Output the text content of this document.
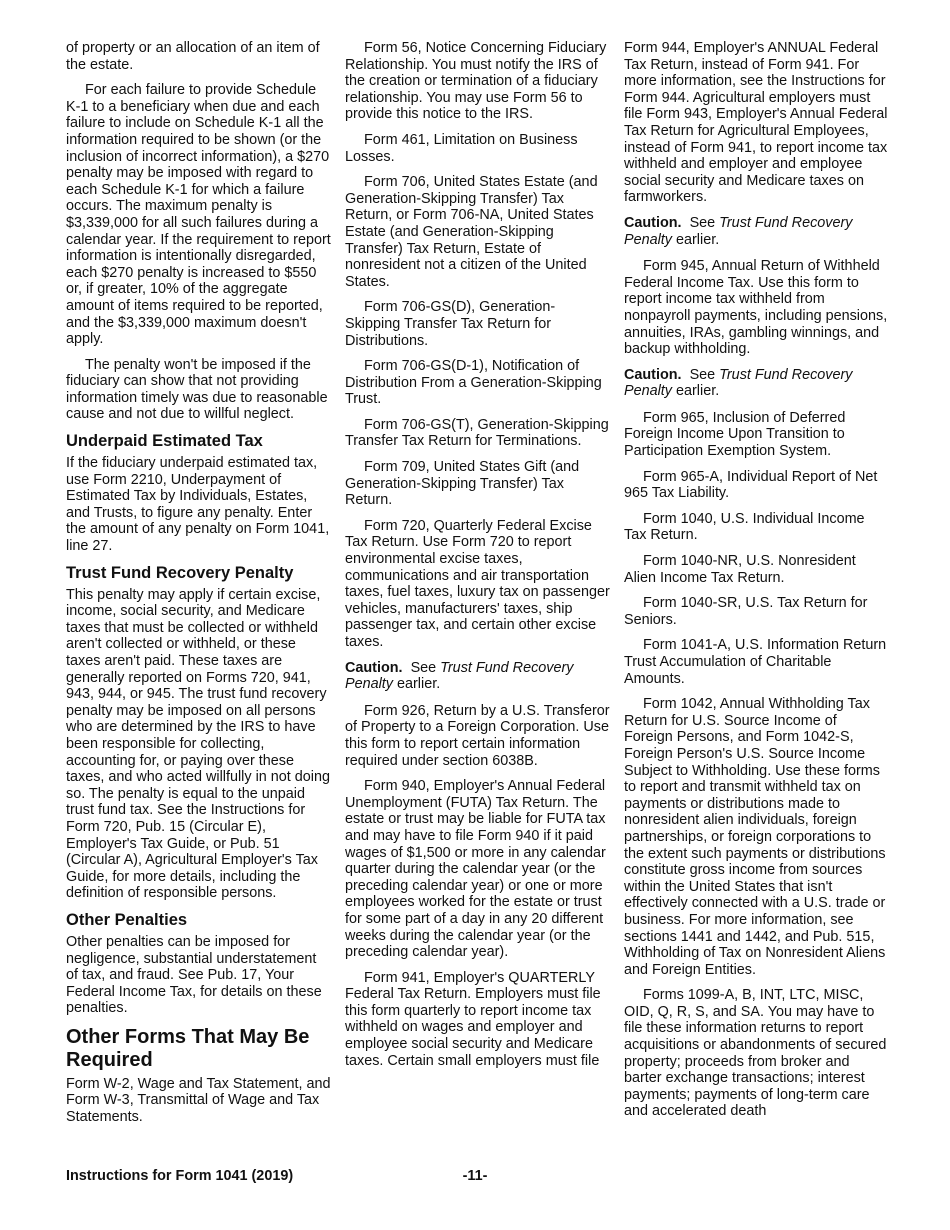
of property or an allocation of an item of the estate.

For each failure to provide Schedule K-1 to a beneficiary when due and each failure to include on Schedule K-1 all the information required to be shown (or the inclusion of incorrect information), a $270 penalty may be imposed with regard to each Schedule K-1 for which a failure occurs. The maximum penalty is $3,339,000 for all such failures during a calendar year. If the requirement to report information is intentionally disregarded, each $270 penalty is increased to $550 or, if greater, 10% of the aggregate amount of items required to be reported, and the $3,339,000 maximum doesn't apply.

The penalty won't be imposed if the fiduciary can show that not providing information timely was due to reasonable cause and not due to willful neglect.

Underpaid Estimated Tax

If the fiduciary underpaid estimated tax, use Form 2210, Underpayment of Estimated Tax by Individuals, Estates, and Trusts, to figure any penalty. Enter the amount of any penalty on Form 1041, line 27.

Trust Fund Recovery Penalty

This penalty may apply if certain excise, income, social security, and Medicare taxes that must be collected or withheld aren't collected or withheld, or these taxes aren't paid. These taxes are generally reported on Forms 720, 941, 943, 944, or 945. The trust fund recovery penalty may be imposed on all persons who are determined by the IRS to have been responsible for collecting, accounting for, or paying over these taxes, and who acted willfully in not doing so. The penalty is equal to the unpaid trust fund tax. See the Instructions for Form 720, Pub. 15 (Circular E), Employer's Tax Guide, or Pub. 51 (Circular A), Agricultural Employer's Tax Guide, for more details, including the definition of responsible persons.

Other Penalties

Other penalties can be imposed for negligence, substantial understatement of tax, and fraud. See Pub. 17, Your Federal Income Tax, for details on these penalties.

Other Forms That May Be Required

Form W-2, Wage and Tax Statement, and Form W-3, Transmittal of Wage and Tax Statements.

Form 56, Notice Concerning Fiduciary Relationship. You must notify the IRS of the creation or termination of a fiduciary relationship. You may use Form 56 to provide this notice to the IRS.

Form 461, Limitation on Business Losses.

Form 706, United States Estate (and Generation-Skipping Transfer) Tax Return, or Form 706-NA, United States Estate (and Generation-Skipping Transfer) Tax Return, Estate of nonresident not a citizen of the United States.

Form 706-GS(D), Generation-Skipping Transfer Tax Return for Distributions.

Form 706-GS(D-1), Notification of Distribution From a Generation-Skipping Trust.

Form 706-GS(T), Generation-Skipping Transfer Tax Return for Terminations.

Form 709, United States Gift (and Generation-Skipping Transfer) Tax Return.

Form 720, Quarterly Federal Excise Tax Return. Use Form 720 to report environmental excise taxes, communications and air transportation taxes, fuel taxes, luxury tax on passenger vehicles, manufacturers' taxes, ship passenger tax, and certain other excise taxes.

Caution. See Trust Fund Recovery Penalty earlier.

Form 926, Return by a U.S. Transferor of Property to a Foreign Corporation. Use this form to report certain information required under section 6038B.

Form 940, Employer's Annual Federal Unemployment (FUTA) Tax Return. The estate or trust may be liable for FUTA tax and may have to file Form 940 if it paid wages of $1,500 or more in any calendar quarter during the calendar year (or the preceding calendar year) or one or more employees worked for the estate or trust for some part of a day in any 20 different weeks during the calendar year (or the preceding calendar year).

Form 941, Employer's QUARTERLY Federal Tax Return. Employers must file this form quarterly to report income tax withheld on wages and employer and employee social security and Medicare taxes. Certain small employers must file

Form 944, Employer's ANNUAL Federal Tax Return, instead of Form 941. For more information, see the Instructions for Form 944. Agricultural employers must file Form 943, Employer's Annual Federal Tax Return for Agricultural Employees, instead of Form 941, to report income tax withheld and employer and employee social security and Medicare taxes on farmworkers.

Caution. See Trust Fund Recovery Penalty earlier.

Form 945, Annual Return of Withheld Federal Income Tax. Use this form to report income tax withheld from nonpayroll payments, including pensions, annuities, IRAs, gambling winnings, and backup withholding.

Caution. See Trust Fund Recovery Penalty earlier.

Form 965, Inclusion of Deferred Foreign Income Upon Transition to Participation Exemption System.

Form 965-A, Individual Report of Net 965 Tax Liability.

Form 1040, U.S. Individual Income Tax Return.

Form 1040-NR, U.S. Nonresident Alien Income Tax Return.

Form 1040-SR, U.S. Tax Return for Seniors.

Form 1041-A, U.S. Information Return Trust Accumulation of Charitable Amounts.

Form 1042, Annual Withholding Tax Return for U.S. Source Income of Foreign Persons, and Form 1042-S, Foreign Person's U.S. Source Income Subject to Withholding. Use these forms to report and transmit withheld tax on payments or distributions made to nonresident alien individuals, foreign partnerships, or foreign corporations to the extent such payments or distributions constitute gross income from sources within the United States that isn't effectively connected with a U.S. trade or business. For more information, see sections 1441 and 1442, and Pub. 515, Withholding of Tax on Nonresident Aliens and Foreign Entities.

Forms 1099-A, B, INT, LTC, MISC, OID, Q, R, S, and SA. You may have to file these information returns to report acquisitions or abandonments of secured property; proceeds from broker and barter exchange transactions; interest payments; payments of long-term care and accelerated death

Instructions for Form 1041 (2019)	-11-
